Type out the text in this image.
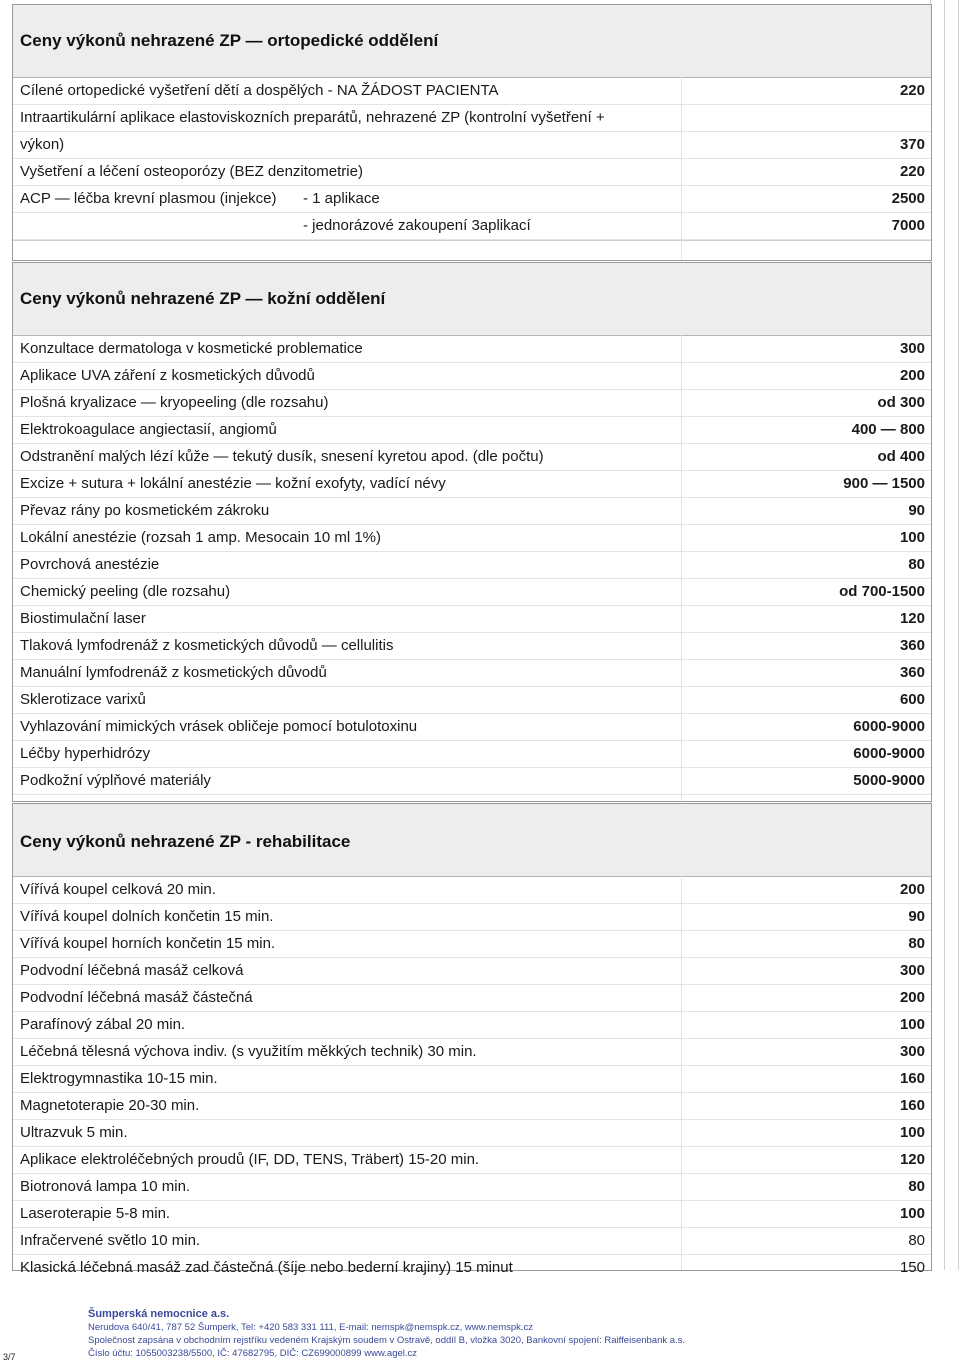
Ceny výkonů nehrazené ZP — ortopedické oddělení
Cílené ortopedické vyšetření dětí a dospělých - NA ŽÁDOST PACIENTA	220
Intraartikulární aplikace elastoviskozních preparátů, nehrazené ZP (kontrolní vyšetření +
výkon)	370
Vyšetření a léčení osteoporózy (BEZ denzitometrie)	220
ACP — léčba krevní plasmou (injekce) - 1 aplikace	2500
- jednorázové zakoupení 3aplikací	7000
Ceny výkonů nehrazené ZP — kožní oddělení
Konzultace dermatologa v kosmetické problematice	300
Aplikace UVA záření z kosmetických důvodů	200
Plošná kryalizace — kryopeeling (dle rozsahu)	od 300
Elektrokoagulace angiectasií, angiomů	400 — 800
Odstranění malých lézí kůže — tekutý dusík, snesení kyretou apod. (dle počtu)	od 400
Excize + sutura + lokální anestézie — kožní exofyty, vadící névy	900 — 1500
Převaz rány po kosmetickém zákroku	90
Lokální anestézie (rozsah 1 amp. Mesocain 10 ml 1%)	100
Povrchová anestézie	80
Chemický peeling (dle rozsahu)	od 700-1500
Biostimulační laser	120
Tlaková lymfodrenáž z kosmetických důvodů — cellulitis	360
Manuální lymfodrenáž z kosmetických důvodů	360
Sklerotizace varixů	600
Vyhlazování mimických vrásek obličeje pomocí botulotoxinu	6000-9000
Léčby hyperhidrózy	6000-9000
Podkožní výplňové materiály	5000-9000
Ceny výkonů nehrazené ZP - rehabilitace
Vířívá koupel celková 20 min.	200
Vířívá koupel dolních končetin 15 min.	90
Vířívá koupel horních končetin 15 min.	80
Podvodní léčebná masáž celková	300
Podvodní léčebná masáž částečná	200
Parafínový zábal 20 min.	100
Léčebná tělesná výchova indiv. (s využitím měkkých technik) 30 min.	300
Elektrogymnastika 10-15 min.	160
Magnetoterapie 20-30 min.	160
Ultrazvuk 5 min.	100
Aplikace elektroléčebných proudů (IF, DD, TENS, Träbert) 15-20 min.	120
Biotronová lampa 10 min.	80
Laseroterapie 5-8 min.	100
Infračervené světlo 10 min.	80
Klasická léčebná masáž zad částečná (šíje nebo bederní krajiny) 15 minut	150
Šumperská nemocnice a.s.
Nerudova 640/41, 787 52 Šumperk, Tel: +420 583 331 111, E-mail: nemspk@nemspk.cz, www.nemspk.cz
Společnost zapsána v obchodním rejstříku vedeném Krajským soudem v Ostravě, oddíl B, vložka 3020, Bankovní spojení: Raiffeisenbank a.s.
Číslo účtu: 1055003238/5500, IČ: 47682795, DIČ: CZ699000899 www.agel.cz
3/7
